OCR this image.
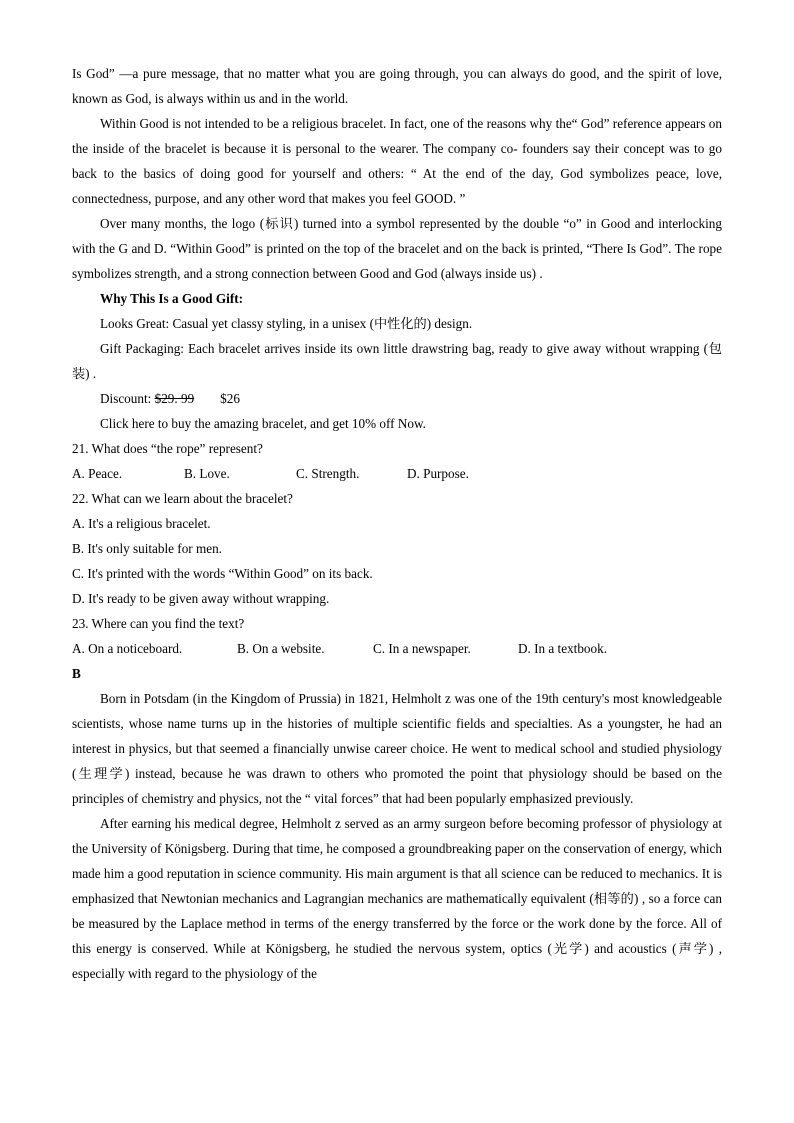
Is God” —a pure message, that no matter what you are going through, you can always do good, and the spirit of love, known as God, is always within us and in the world.

Within Good is not intended to be a religious bracelet. In fact, one of the reasons why the“ God” reference appears on the inside of the bracelet is because it is personal to the wearer. The company co- founders say their concept was to go back to the basics of doing good for yourself and others: “ At the end of the day, God symbolizes peace, love, connectedness, purpose, and any other word that makes you feel GOOD. ”

Over many months, the logo (标识) turned into a symbol represented by the double “o” in Good and interlocking with the G and D. “Within Good” is printed on the top of the bracelet and on the back is printed, “There Is God”. The rope symbolizes strength, and a strong connection between Good and God (always inside us) .

Why This Is a Good Gift:

Looks Great: Casual yet classy styling, in a unisex (中性化的) design.

Gift Packaging: Each bracelet arrives inside its own little drawstring bag, ready to give away without wrapping (包装) .

Discount: $29. 99 $26

Click here to buy the amazing bracelet, and get 10% off Now.

21. What does “the rope” represent?

A. Peace.	B. Love.	C. Strength.	D. Purpose.

22. What can we learn about the bracelet?

A. It's a religious bracelet.

B. It's only suitable for men.

C. It's printed with the words “Within Good” on its back.

D. It's ready to be given away without wrapping.

23. Where can you find the text?

A. On a noticeboard.	B. On a website.	C. In a newspaper.	D. In a textbook.

B

Born in Potsdam (in the Kingdom of Prussia) in 1821, Helmholt z was one of the 19th century's most knowledgeable scientists, whose name turns up in the histories of multiple scientific fields and specialties. As a youngster, he had an interest in physics, but that seemed a financially unwise career choice. He went to medical school and studied physiology (生理学) instead, because he was drawn to others who promoted the point that physiology should be based on the principles of chemistry and physics, not the “ vital forces” that had been popularly emphasized previously.

After earning his medical degree, Helmholt z served as an army surgeon before becoming professor of physiology at the University of Königsberg. During that time, he composed a groundbreaking paper on the conservation of energy, which made him a good reputation in science community. His main argument is that all science can be reduced to mechanics. It is emphasized that Newtonian mechanics and Lagrangian mechanics are mathematically equivalent (相等的) , so a force can be measured by the Laplace method in terms of the energy transferred by the force or the work done by the force. All of this energy is conserved. While at Königsberg, he studied the nervous system, optics (光学) and acoustics (声学) , especially with regard to the physiology of the
